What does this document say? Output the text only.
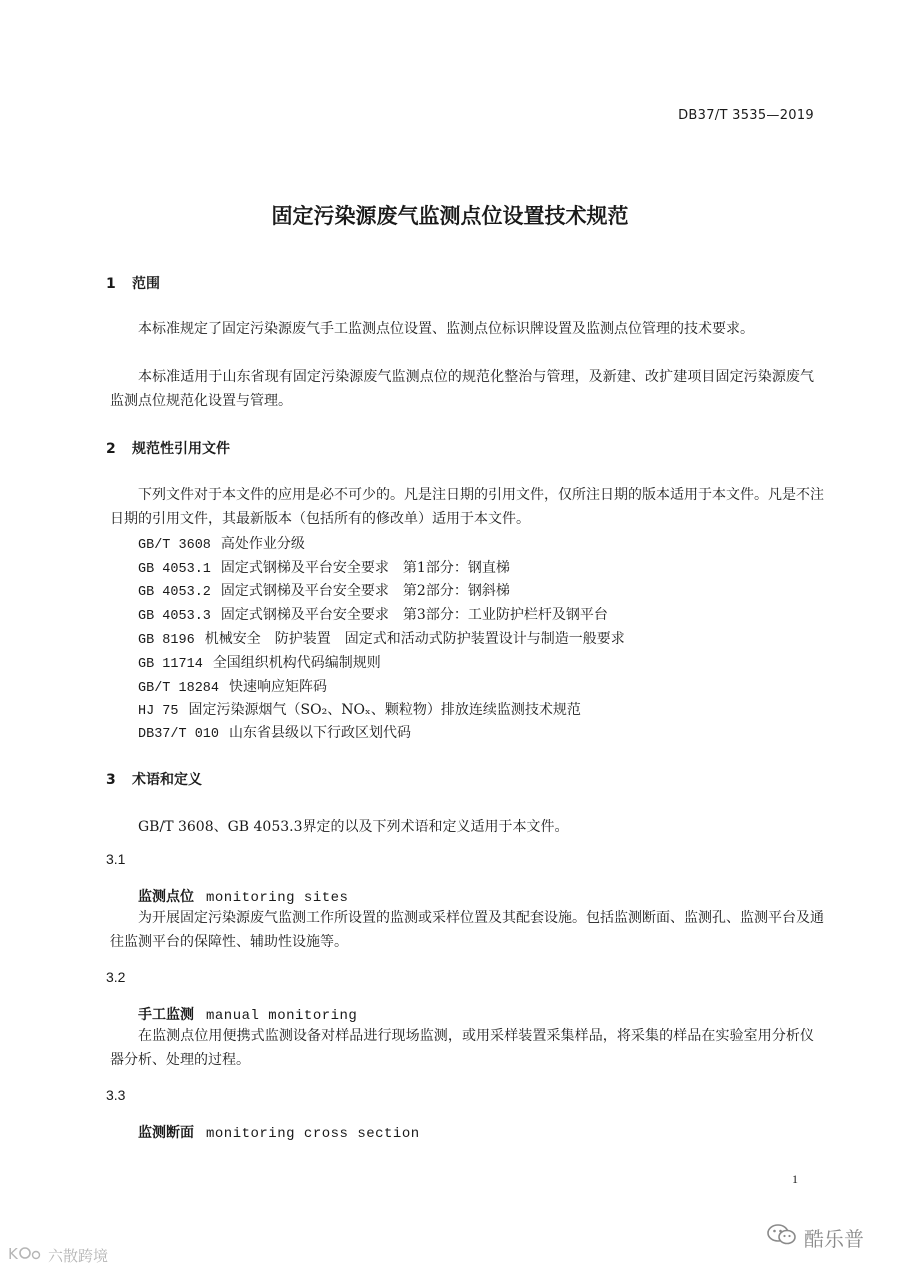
DB37/T 3535—2019
固定污染源废气监测点位设置技术规范
1 范围
本标准规定了固定污染源废气手工监测点位设置、监测点位标识牌设置及监测点位管理的技术要求。
本标准适用于山东省现有固定污染源废气监测点位的规范化整治与管理，及新建、改扩建项目固定污染源废气监测点位规范化设置与管理。
2 规范性引用文件
下列文件对于本文件的应用是必不可少的。凡是注日期的引用文件，仅所注日期的版本适用于本文件。凡是不注日期的引用文件，其最新版本（包括所有的修改单）适用于本文件。
GB/T 3608 高处作业分级
GB 4053.1 固定式钢梯及平台安全要求　第1部分：钢直梯
GB 4053.2 固定式钢梯及平台安全要求　第2部分：钢斜梯
GB 4053.3 固定式钢梯及平台安全要求　第3部分：工业防护栏杆及钢平台
GB 8196 机械安全　防护装置　固定式和活动式防护装置设计与制造一般要求
GB 11714 全国组织机构代码编制规则
GB/T 18284 快速响应矩阵码
HJ 75 固定污染源烟气（SO₂、NOₓ、颗粒物）排放连续监测技术规范
DB37/T 010 山东省县级以下行政区划代码
3 术语和定义
GB/T 3608、GB 4053.3界定的以及下列术语和定义适用于本文件。
3.1
监测点位 monitoring sites
为开展固定污染源废气监测工作所设置的监测或采样位置及其配套设施。包括监测断面、监测孔、监测平台及通往监测平台的保障性、辅助性设施等。
3.2
手工监测 manual monitoring
在监测点位用便携式监测设备对样品进行现场监测，或用采样装置采集样品，将采集的样品在实验室用分析仪器分析、处理的过程。
3.3
监测断面 monitoring cross section
1
K 六散跨境
酷乐普
